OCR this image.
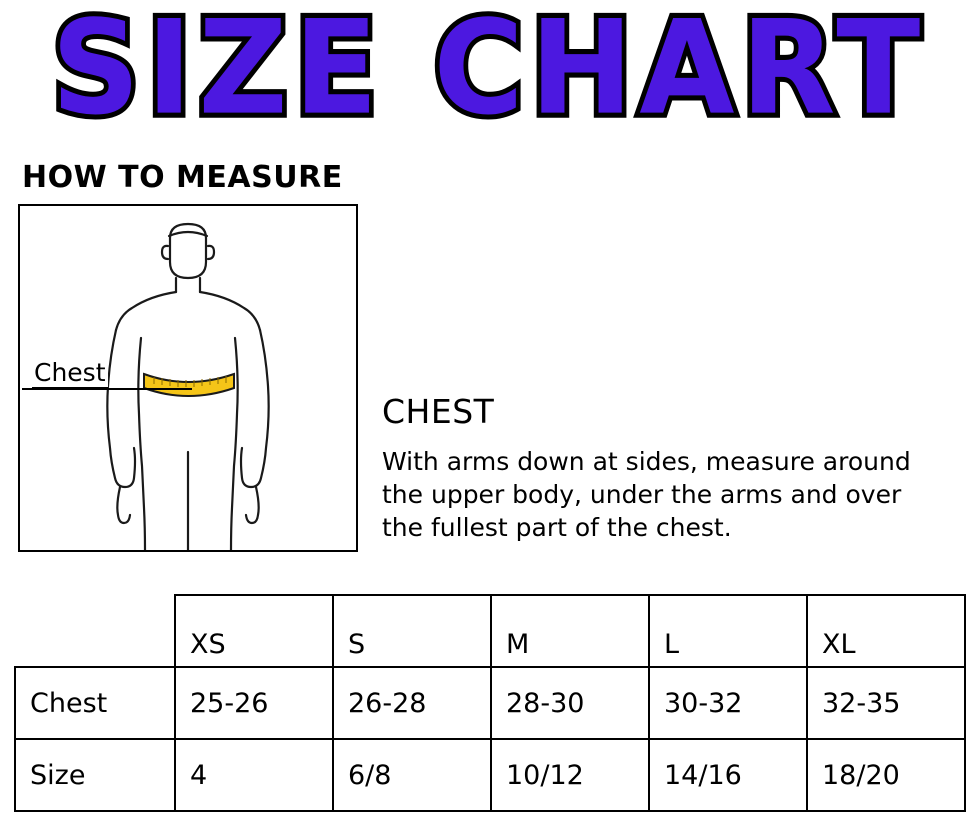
SIZE CHART
HOW TO MEASURE
Chest
CHEST

With arms down at sides, measure around the upper body, under the arms and over the fullest part of the chest.

	XS	S	M	L	XL
Chest	25-26	26-28	28-30	30-32	32-35
Size	4	6/8	10/12	14/16	18/20
